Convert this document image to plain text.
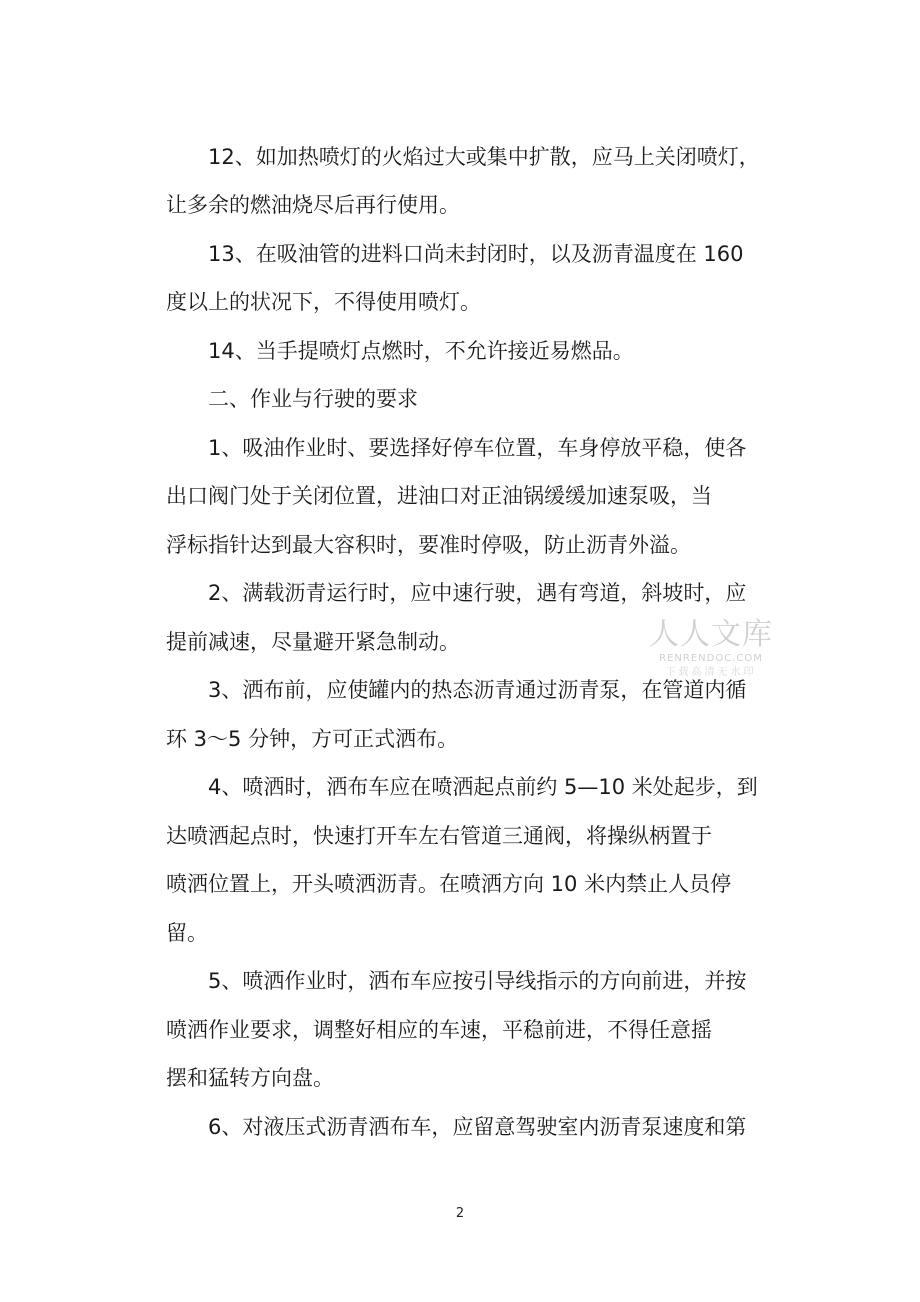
　　12、如加热喷灯的火焰过大或集中扩散，应马上关闭喷灯，
让多余的燃油烧尽后再行使用。
　　13、在吸油管的进料口尚未封闭时，以及沥青温度在 160
度以上的状况下，不得使用喷灯。
　　14、当手提喷灯点燃时，不允许接近易燃品。
　　二、作业与行驶的要求
　　1、吸油作业时、要选择好停车位置，车身停放平稳，使各
出口阀门处于关闭位置，进油口对正油锅缓缓加速泵吸，当
浮标指针达到最大容积时，要准时停吸，防止沥青外溢。
　　2、满载沥青运行时，应中速行驶，遇有弯道，斜坡时，应
提前减速，尽量避开紧急制动。
　　3、洒布前，应使罐内的热态沥青通过沥青泵，在管道内循
环 3～5 分钟，方可正式洒布。
　　4、喷洒时，洒布车应在喷洒起点前约 5—10 米处起步，到
达喷洒起点时，快速打开车左右管道三通阀，将操纵柄置于
喷洒位置上，开头喷洒沥青。在喷洒方向 10 米内禁止人员停
留。
　　5、喷洒作业时，洒布车应按引导线指示的方向前进，并按
喷洒作业要求，调整好相应的车速，平稳前进，不得任意摇
摆和猛转方向盘。
　　6、对液压式沥青洒布车，应留意驾驶室内沥青泵速度和第
人人文库
RENRENDOC.COM
下载高清无水印
2
